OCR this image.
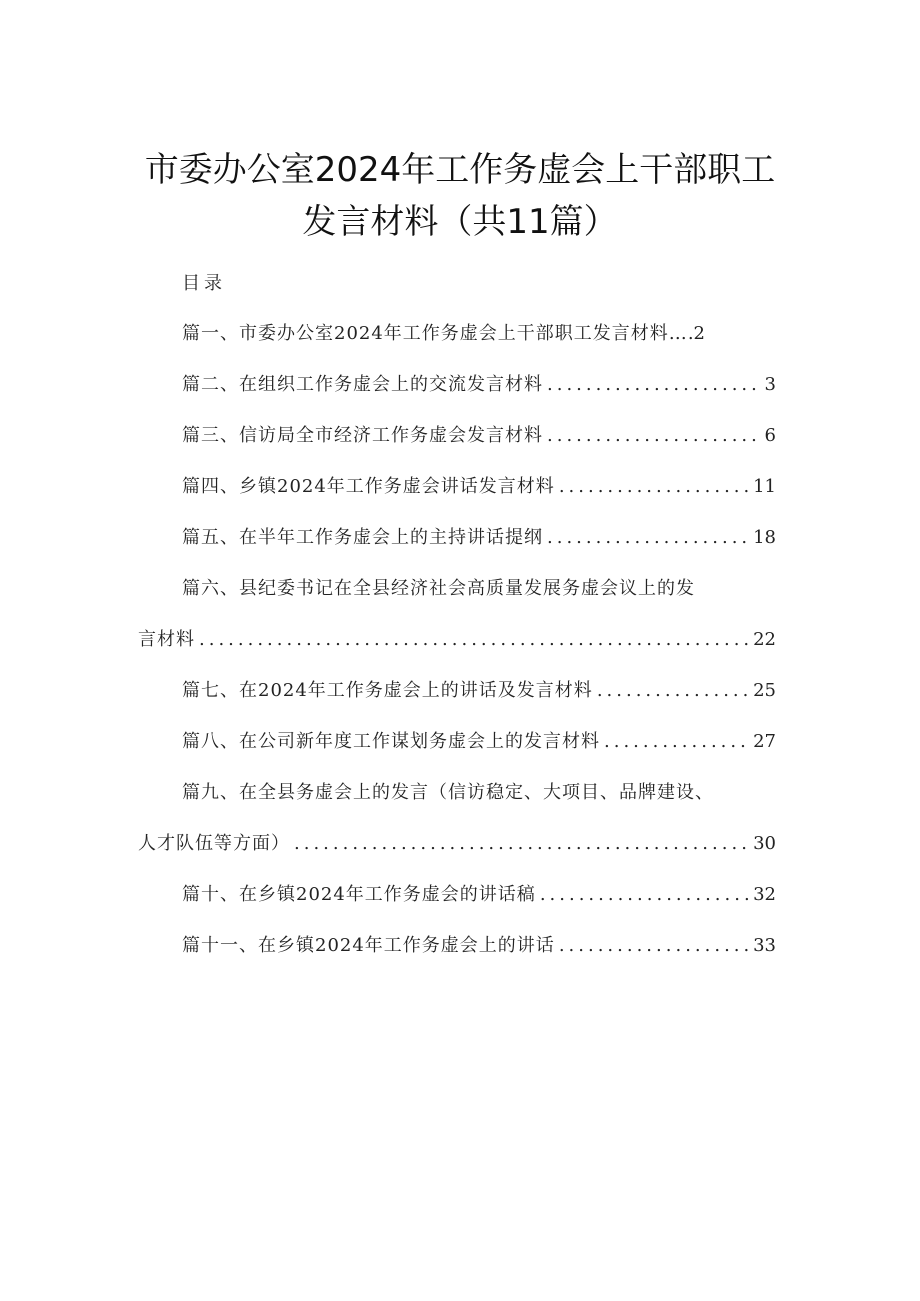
市委办公室2024年工作务虚会上干部职工
发言材料（共11篇）
目录
篇一、市委办公室2024年工作务虚会上干部职工发言材料… .2
篇二、在组织工作务虚会上的交流发言材料 .....	3
篇三、信访局全市经济工作务虚会发言材料 .....	6
篇四、乡镇2024年工作务虚会讲话发言材料 .....	11
篇五、在半年工作务虚会上的主持讲话提纲 .....	18
篇六、县纪委书记在全县经济社会高质量发展务虚会议上的发
言材料 .....	22
篇七、在2024年工作务虚会上的讲话及发言材料 .....	25
篇八、在公司新年度工作谋划务虚会上的发言材料 .....	27
篇九、在全县务虚会上的发言（信访稳定、大项目、品牌建设、
人才队伍等方面） .....	30
篇十、在乡镇2024年工作务虚会的讲话稿 .....	32
篇十一、在乡镇2024年工作务虚会上的讲话 .....	33
